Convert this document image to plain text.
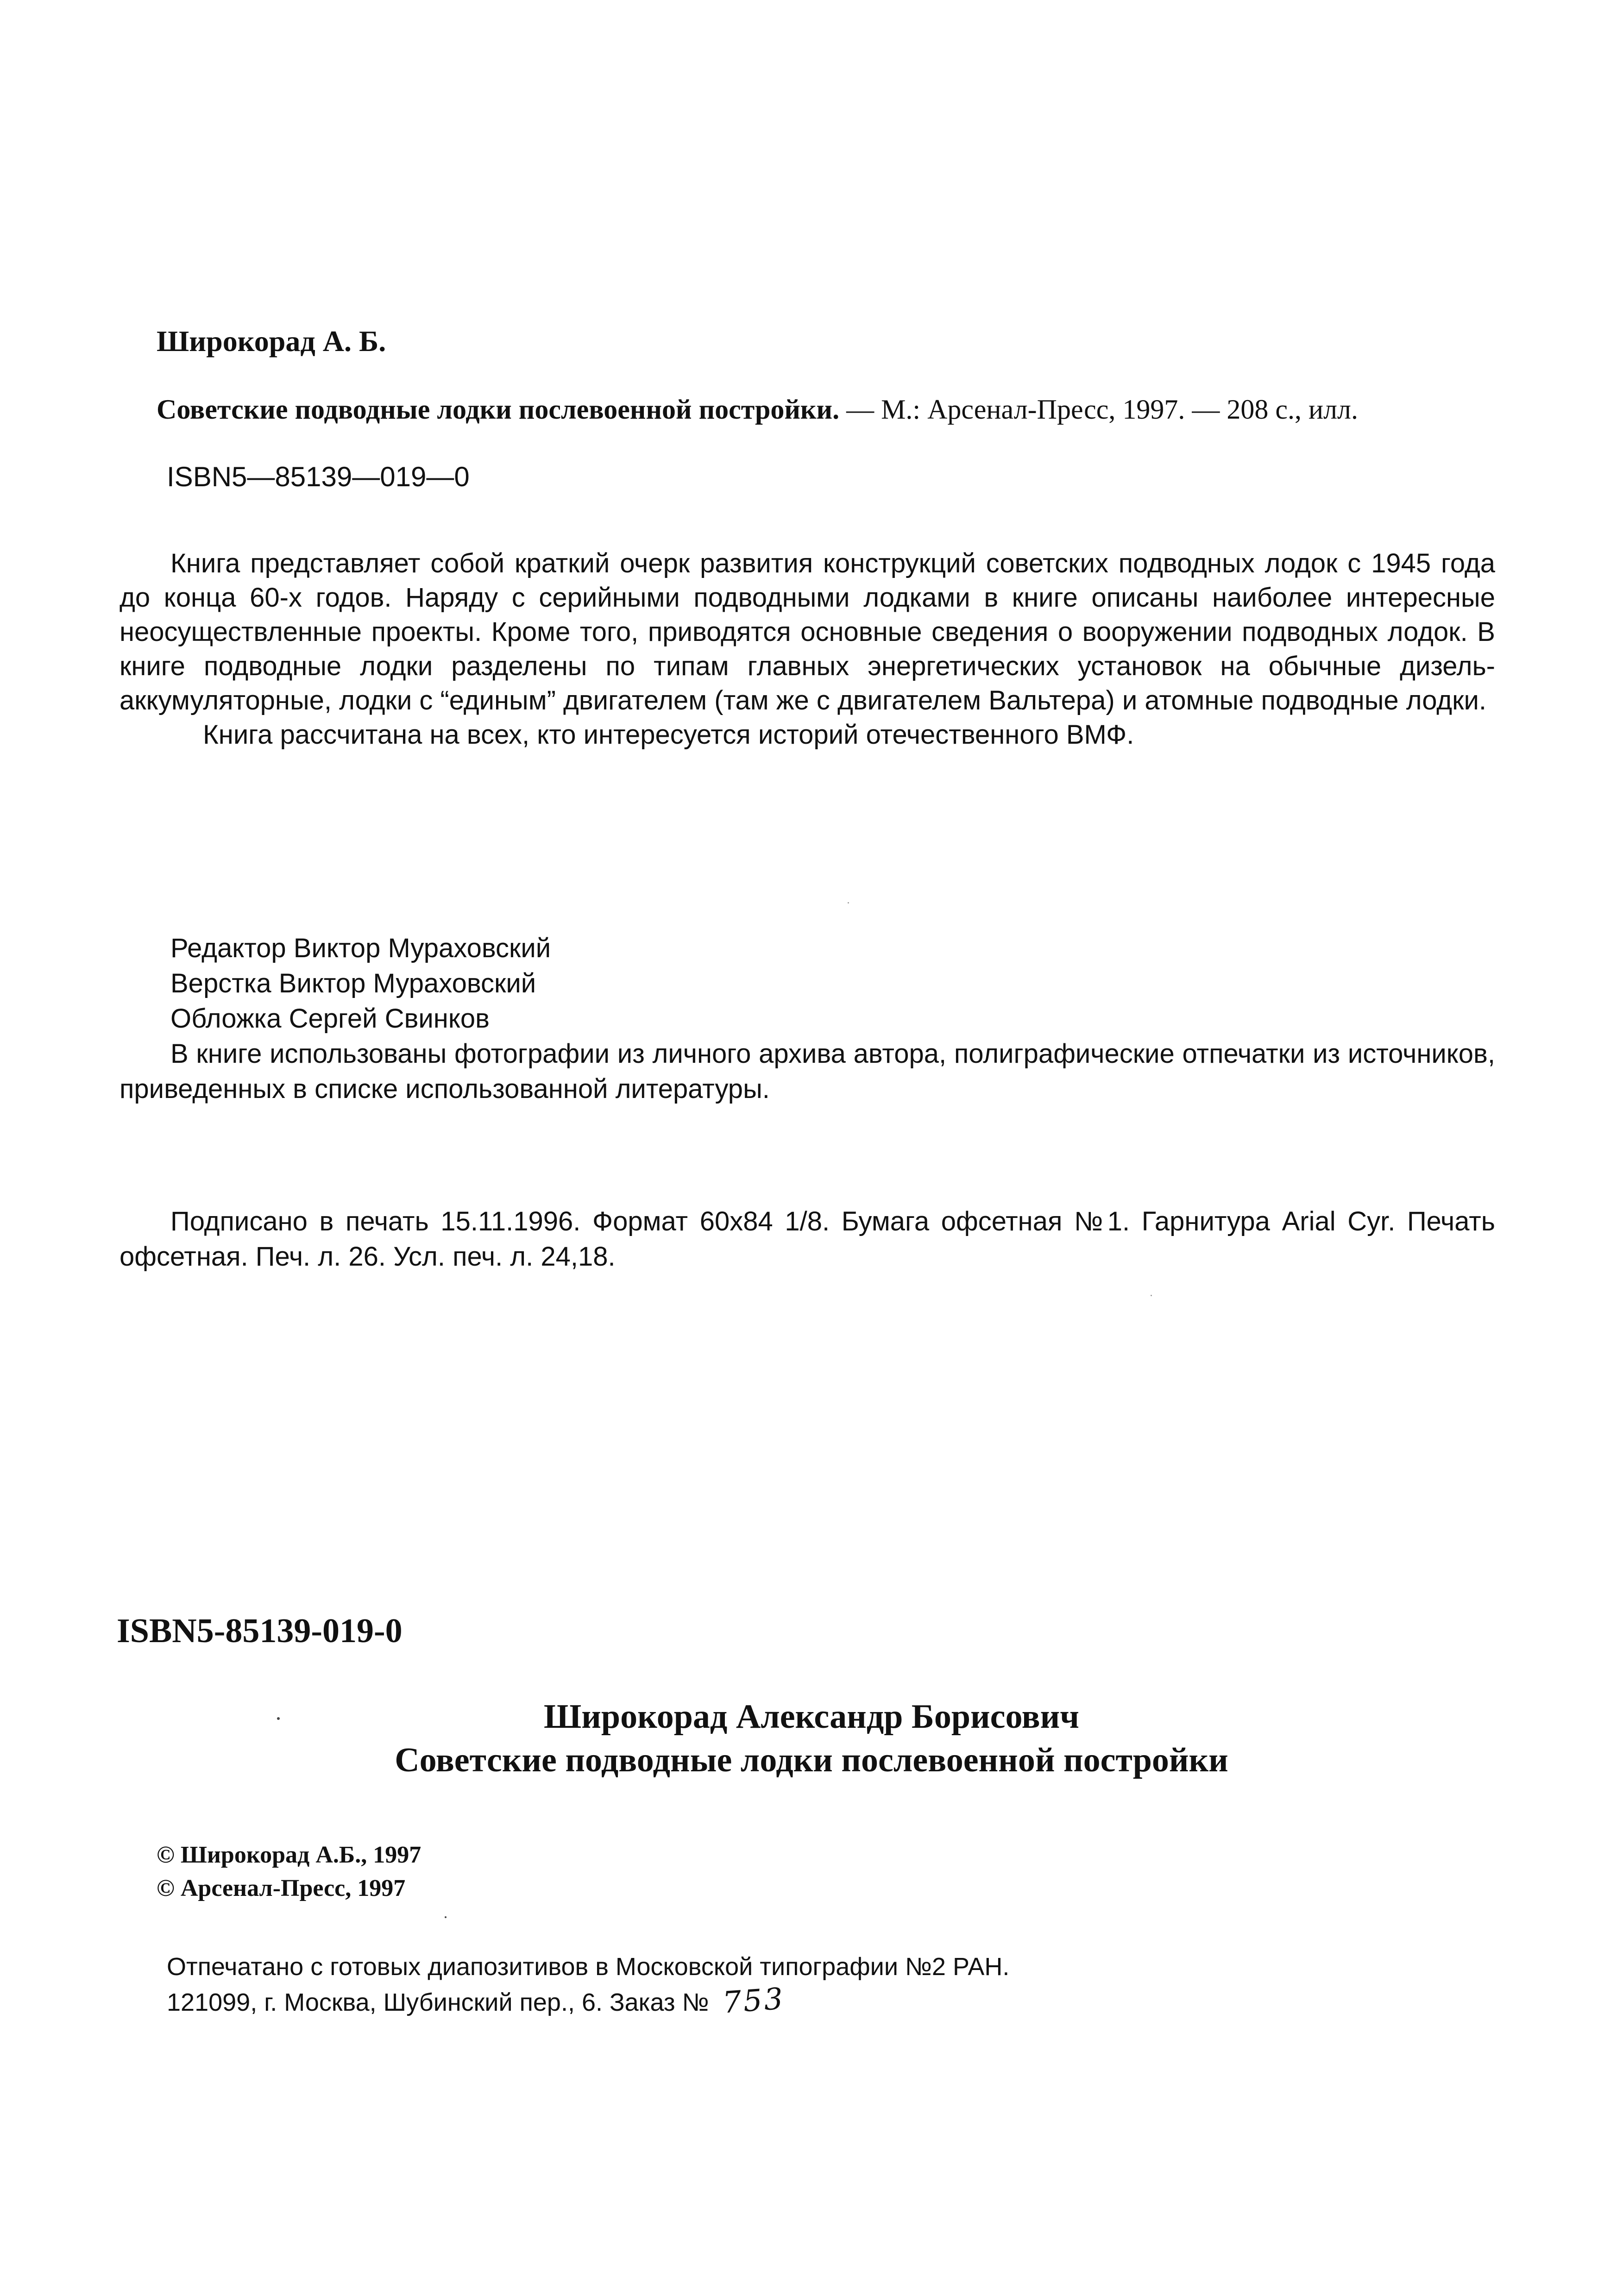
Широкорад А. Б.
Советские подводные лодки послевоенной постройки. — М.: Арсенал-Пресс, 1997. — 208 с., илл.
ISBN5—85139—019—0

Книга представляет собой краткий очерк развития конструкций советских подводных лодок с 1945 года до конца 60-х годов. Наряду с серийными подводными лодками в книге описаны наиболее интересные неосуществленные проекты. Кроме того, приводятся основные сведения о вооружении подводных лодок. В книге подводные лодки разделены по типам главных энергетических установок на обычные дизель-аккумуляторные, лодки с “единым” двигателем (там же с двигателем Вальтера) и атомные подводные лодки.

Книга рассчитана на всех, кто интересуется историй отечественного ВМФ.

Редактор Виктор Мураховский
Верстка Виктор Мураховский
Обложка Сергей Свинков
В книге использованы фотографии из личного архива автора, полиграфические отпечатки из источников, приведенных в списке использованной литературы.
Подписано в печать 15.11.1996. Формат 60х84 1/8. Бумага офсетная №1. Гарнитура Arial Cyr. Печать офсетная. Печ. л. 26. Усл. печ. л. 24,18.
ISBN5-85139-019-0
Широкорад Александр Борисович
Советские подводные лодки послевоенной постройки
© Широкорад А.Б., 1997
© Арсенал-Пресс, 1997
Отпечатано с готовых диапозитивов в Московской типографии №2 РАН.
121099, г. Москва, Шубинский пер., 6. Заказ № 753
